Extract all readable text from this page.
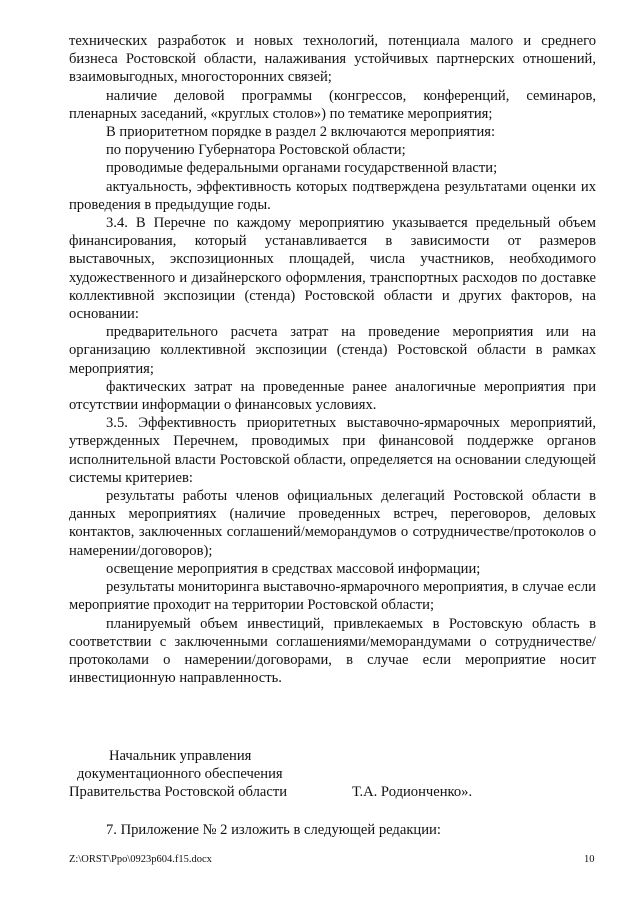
технических разработок и новых технологий, потенциала малого и среднего бизнеса Ростовской области, налаживания устойчивых партнерских отношений, взаимовыгодных, многосторонних связей;

наличие деловой программы (конгрессов, конференций, семинаров, пленарных заседаний, «круглых столов») по тематике мероприятия;

В приоритетном порядке в раздел 2 включаются мероприятия:

по поручению Губернатора Ростовской области;

проводимые федеральными органами государственной власти;

актуальность, эффективность которых подтверждена результатами оценки их проведения в предыдущие годы.

3.4. В Перечне по каждому мероприятию указывается предельный объем финансирования, который устанавливается в зависимости от размеров выставочных, экспозиционных площадей, числа участников, необходимого художественного и дизайнерского оформления, транспортных расходов по доставке коллективной экспозиции (стенда) Ростовской области и других факторов, на основании:

предварительного расчета затрат на проведение мероприятия или на организацию коллективной экспозиции (стенда) Ростовской области в рамках мероприятия;

фактических затрат на проведенные ранее аналогичные мероприятия при отсутствии информации о финансовых условиях.

3.5. Эффективность приоритетных выставочно-ярмарочных мероприятий, утвержденных Перечнем, проводимых при финансовой поддержке органов исполнительной власти Ростовской области, определяется на основании следующей системы критериев:

результаты работы членов официальных делегаций Ростовской области в данных мероприятиях (наличие проведенных встреч, переговоров, деловых контактов, заключенных соглашений/меморандумов о сотрудничестве/протоколов о намерении/договоров);

освещение мероприятия в средствах массовой информации;

результаты мониторинга выставочно-ярмарочного мероприятия, в случае если мероприятие проходит на территории Ростовской области;

планируемый объем инвестиций, привлекаемых в Ростовскую область в соответствии с заключенными соглашениями/меморандумами о сотрудничестве/протоколами о намерении/договорами, в случае если мероприятие носит инвестиционную направленность.

Начальник управления
документационного обеспечения
Правительства Ростовской области	Т.А. Родионченко».
7. Приложение № 2 изложить в следующей редакции:
Z:\ORST\Ppo\0923p604.f15.docx	10
